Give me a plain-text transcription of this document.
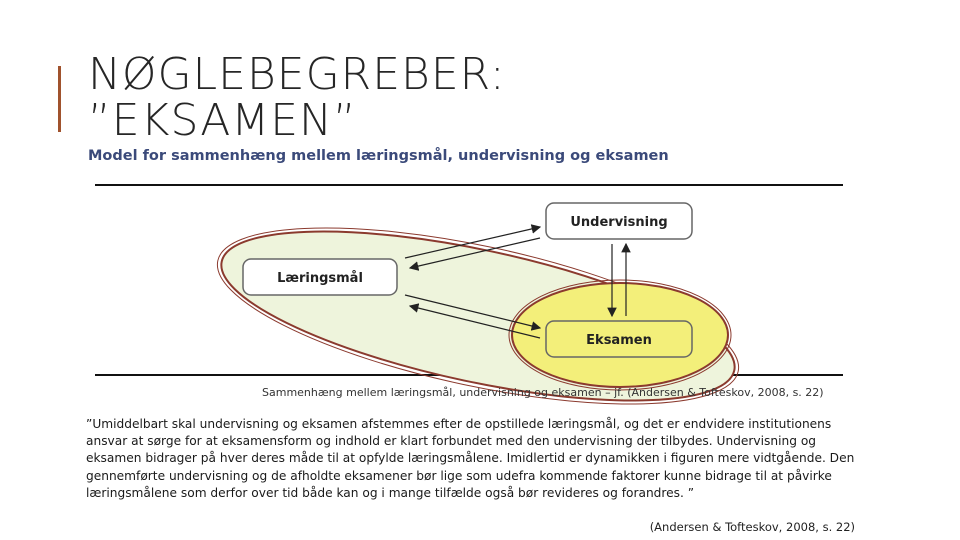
NØGLEBEGREBER:
”EKSAMEN”
Model for sammenhæng mellem læringsmål, undervisning og eksamen
Undervisning
Læringsmål
Eksamen
Sammenhæng mellem læringsmål, undervisning og eksamen – jf. (Andersen & Tofteskov, 2008, s. 22)
”Umiddelbart skal undervisning og eksamen afstemmes efter de opstillede læringsmål, og det er endvidere institutionens ansvar at sørge for at eksamensform og indhold er klart forbundet med den undervisning der tilbydes. Undervisning og eksamen bidrager på hver deres måde til at opfylde læringsmålene. Imidlertid er dynamikken i figuren mere vidtgående. Den gennemførte undervisning og de afholdte eksamener bør lige som udefra kommende faktorer kunne bidrage til at påvirke læringsmålene som derfor over tid både kan og i mange tilfælde også bør revideres og forandres. ”
(Andersen & Tofteskov, 2008, s. 22)
